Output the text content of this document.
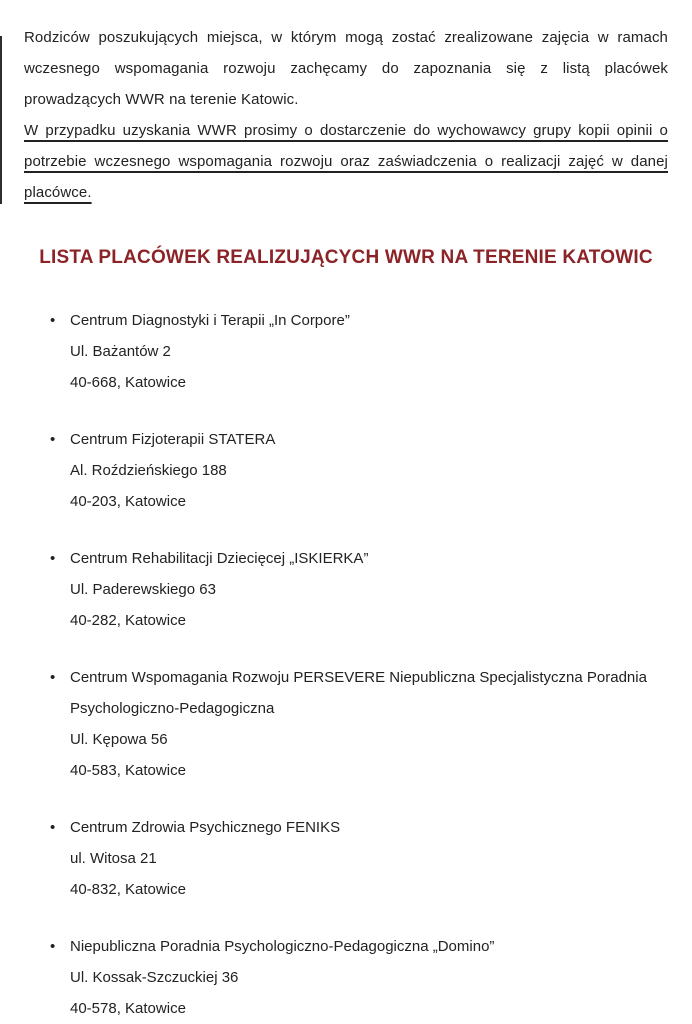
Rodziców poszukujących miejsca, w którym mogą zostać zrealizowane zajęcia w ramach wczesnego wspomagania rozwoju zachęcamy do zapoznania się z listą placówek prowadzących WWR na terenie Katowic.

W przypadku uzyskania WWR prosimy o dostarczenie do wychowawcy grupy kopii opinii o potrzebie wczesnego wspomagania rozwoju oraz zaświadczenia o realizacji zajęć w danej placówce.

LISTA PLACÓWEK REALIZUJĄCYCH WWR NA TERENIE KATOWIC
• Centrum Diagnostyki i Terapii „In Corpore”
Ul. Bażantów 2
40-668, Katowice
• Centrum Fizjoterapii STATERA
Al. Roździeńskiego 188
40-203, Katowice
• Centrum Rehabilitacji Dziecięcej „ISKIERKA”
Ul. Paderewskiego 63
40-282, Katowice
• Centrum Wspomagania Rozwoju PERSEVERE Niepubliczna Specjalistyczna Poradnia Psychologiczno-Pedagogiczna
Ul. Kępowa 56
40-583, Katowice
• Centrum Zdrowia Psychicznego FENIKS
ul. Witosa 21
40-832, Katowice
• Niepubliczna Poradnia Psychologiczno-Pedagogiczna „Domino”
Ul. Kossak-Szczuckiej 36
40-578, Katowice
